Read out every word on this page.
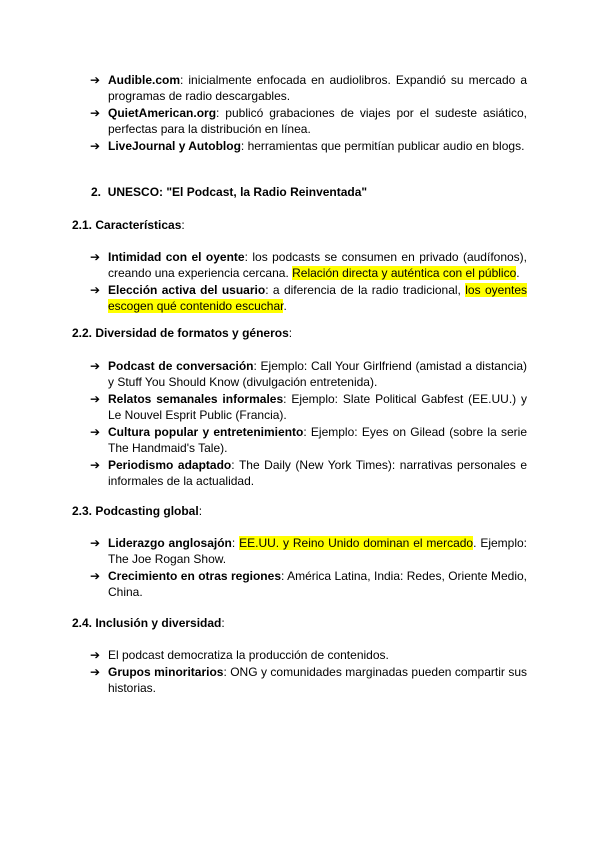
➔ Audible.com: inicialmente enfocada en audiolibros. Expandió su mercado a programas de radio descargables.
➔ QuietAmerican.org: publicó grabaciones de viajes por el sudeste asiático, perfectas para la distribución en línea.
➔ LiveJournal y Autoblog: herramientas que permitían publicar audio en blogs.
2. UNESCO: "El Podcast, la Radio Reinventada"
2.1. Características:
➔ Intimidad con el oyente: los podcasts se consumen en privado (audífonos), creando una experiencia cercana. Relación directa y auténtica con el público.
➔ Elección activa del usuario: a diferencia de la radio tradicional, los oyentes escogen qué contenido escuchar.
2.2. Diversidad de formatos y géneros:
➔ Podcast de conversación: Ejemplo: Call Your Girlfriend (amistad a distancia) y Stuff You Should Know (divulgación entretenida).
➔ Relatos semanales informales: Ejemplo: Slate Political Gabfest (EE.UU.) y Le Nouvel Esprit Public (Francia).
➔ Cultura popular y entretenimiento: Ejemplo: Eyes on Gilead (sobre la serie The Handmaid's Tale).
➔ Periodismo adaptado: The Daily (New York Times): narrativas personales e informales de la actualidad.
2.3. Podcasting global:
➔ Liderazgo anglosajón: EE.UU. y Reino Unido dominan el mercado. Ejemplo: The Joe Rogan Show.
➔ Crecimiento en otras regiones: América Latina, India: Redes, Oriente Medio, China.
2.4. Inclusión y diversidad:
➔ El podcast democratiza la producción de contenidos.
➔ Grupos minoritarios: ONG y comunidades marginadas pueden compartir sus historias.
